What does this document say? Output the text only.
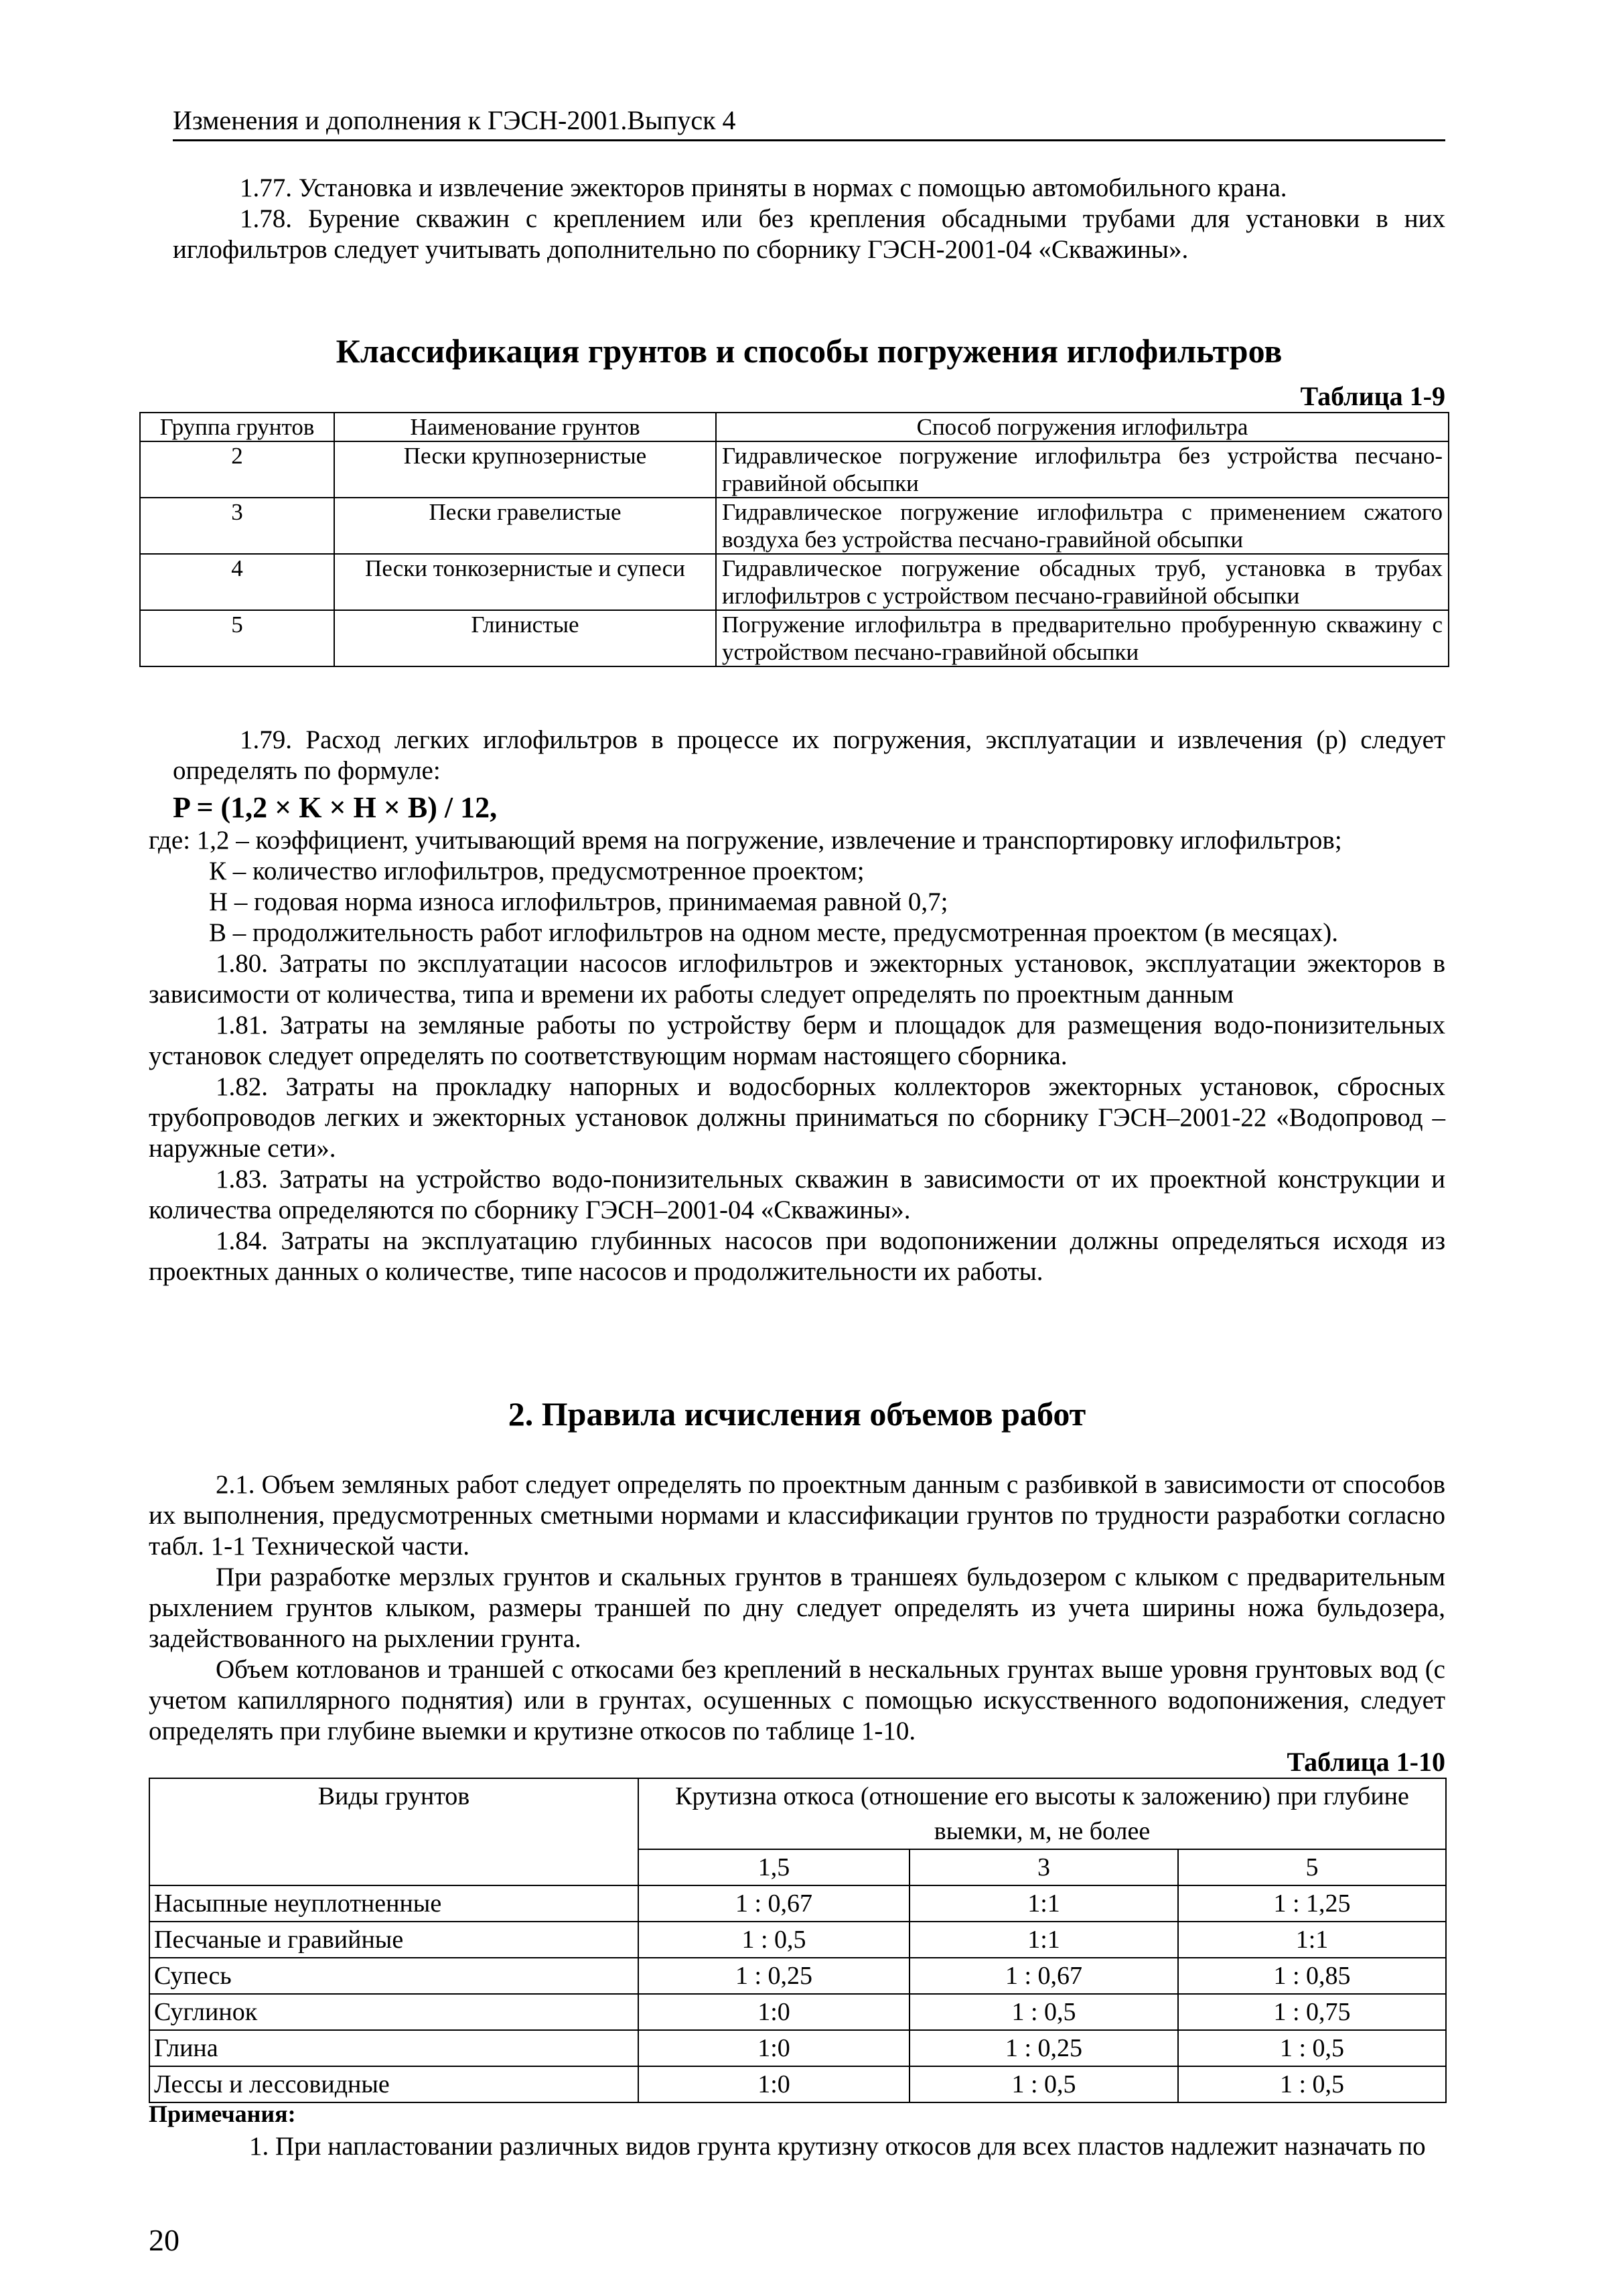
Изменения и дополнения к ГЭСН-2001.Выпуск 4

1.77. Установка и извлечение эжекторов приняты в нормах с помощью автомобильного крана.

1.78. Бурение скважин с креплением или без крепления обсадными трубами для установки в них иглофильтров следует учитывать дополнительно по сборнику ГЭСН-2001-04 «Скважины».

Классификация грунтов и способы погружения иглофильтров
Таблица 1-9
Группа грунтов	Наименование грунтов	Способ погружения иглофильтра
2	Пески крупнозернистые	Гидравлическое погружение иглофильтра без устройства песчано-гравийной обсыпки
3	Пески гравелистые	Гидравлическое погружение иглофильтра с применением сжатого воздуха без устройства песчано-гравийной обсыпки
4	Пески тонкозернистые и супеси	Гидравлическое погружение обсадных труб, установка в трубах иглофильтров с устройством песчано-гравийной обсыпки
5	Глинистые	Погружение иглофильтра в предварительно пробуренную скважину с устройством песчано-гравийной обсыпки

1.79. Расход легких иглофильтров в процессе их погружения, эксплуатации и извлечения (р) следует определять по формуле:

P = (1,2 × K × H × B) / 12,

где: 1,2 – коэффициент, учитывающий время на погружение, извлечение и транспортировку иглофильтров;

К – количество иглофильтров, предусмотренное проектом;

Н – годовая норма износа иглофильтров, принимаемая равной 0,7;

В – продолжительность работ иглофильтров на одном месте, предусмотренная проектом (в месяцах).

1.80. Затраты по эксплуатации насосов иглофильтров и эжекторных установок, эксплуатации эжекторов в зависимости от количества, типа и времени их работы следует определять по проектным данным

1.81. Затраты на земляные работы по устройству берм и площадок для размещения водо-понизительных установок следует определять по соответствующим нормам настоящего сборника.

1.82. Затраты на прокладку напорных и водосборных коллекторов эжекторных установок, сбросных трубопроводов легких и эжекторных установок должны приниматься по сборнику ГЭСН–2001-22 «Водопровод – наружные сети».

1.83. Затраты на устройство водо-понизительных скважин в зависимости от их проектной конструкции и количества определяются по сборнику ГЭСН–2001-04 «Скважины».

1.84. Затраты на эксплуатацию глубинных насосов при водопонижении должны определяться исходя из проектных данных о количестве, типе насосов и продолжительности их работы.

2. Правила исчисления объемов работ

2.1. Объем земляных работ следует определять по проектным данным с разбивкой в зависимости от способов их выполнения, предусмотренных сметными нормами и классификации грунтов по трудности разработки согласно табл. 1-1 Технической части.

При разработке мерзлых грунтов и скальных грунтов в траншеях бульдозером с клыком с предварительным рыхлением грунтов клыком, размеры траншей по дну следует определять из учета ширины ножа бульдозера, задействованного на рыхлении грунта.

Объем котлованов и траншей с откосами без креплений в нескальных грунтах выше уровня грунтовых вод (с учетом капиллярного поднятия) или в грунтах, осушенных с помощью искусственного водопонижения, следует определять при глубине выемки и крутизне откосов по таблице 1-10.

Таблица 1-10
Виды грунтов	Крутизна откоса (отношение его высоты к заложению) при глубине выемки, м, не более		
	1,5	3	5
Насыпные неуплотненные	1 : 0,67	1:1	1 : 1,25
Песчаные и гравийные	1 : 0,5	1:1	1:1
Супесь	1 : 0,25	1 : 0,67	1 : 0,85
Суглинок	1:0	1 : 0,5	1 : 0,75
Глина	1:0	1 : 0,25	1 : 0,5
Лессы и лессовидные	1:0	1 : 0,5	1 : 0,5
Примечания:

1. При напластовании различных видов грунта крутизну откосов для всех пластов надлежит назначать по

20
